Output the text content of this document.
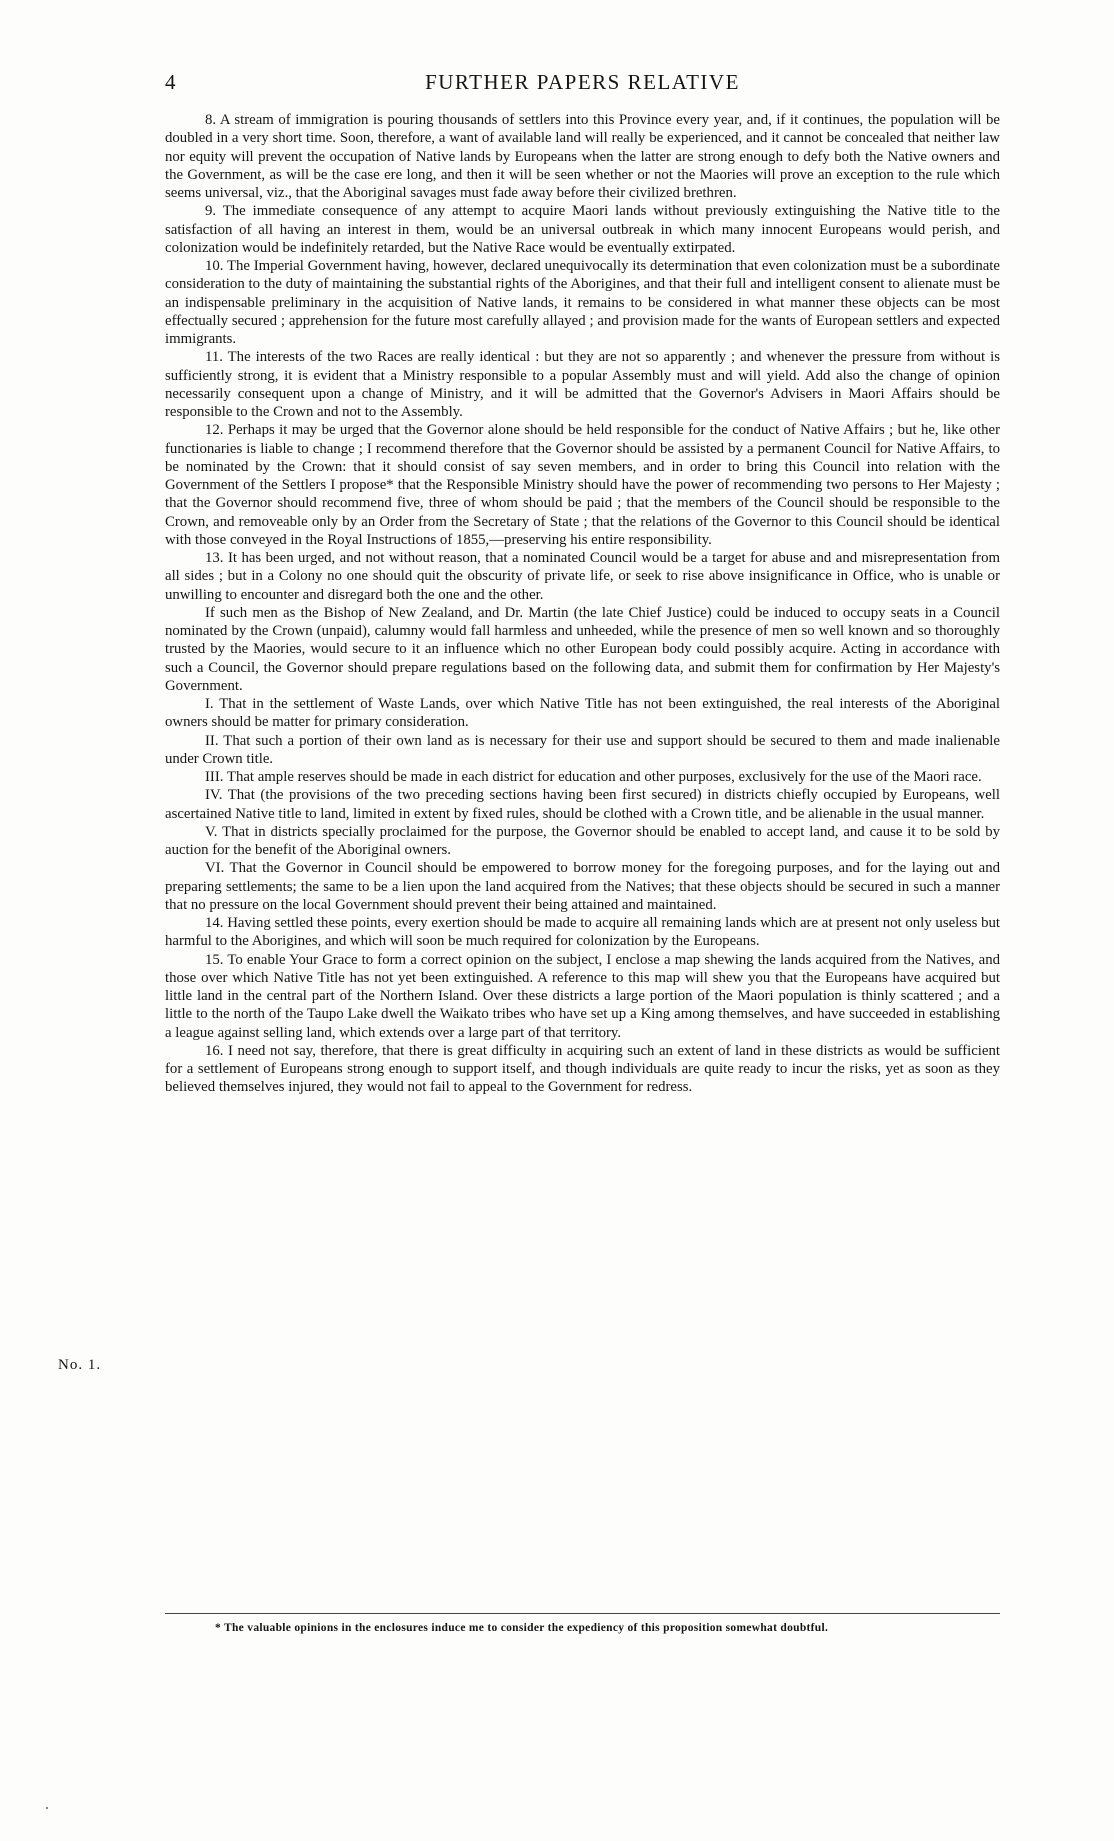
4	FURTHER PAPERS RELATIVE

8. A stream of immigration is pouring thousands of settlers into this Province every year, and, if it continues, the population will be doubled in a very short time. Soon, therefore, a want of available land will really be experienced, and it cannot be concealed that neither law nor equity will prevent the occupation of Native lands by Europeans when the latter are strong enough to defy both the Native owners and the Government, as will be the case ere long, and then it will be seen whether or not the Maories will prove an exception to the rule which seems universal, viz., that the Aboriginal savages must fade away before their civilized brethren.

9. The immediate consequence of any attempt to acquire Maori lands without previously extinguishing the Native title to the satisfaction of all having an interest in them, would be an universal outbreak in which many innocent Europeans would perish, and colonization would be indefinitely retarded, but the Native Race would be eventually extirpated.

10. The Imperial Government having, however, declared unequivocally its determination that even colonization must be a subordinate consideration to the duty of maintaining the substantial rights of the Aborigines, and that their full and intelligent consent to alienate must be an indispensable preliminary in the acquisition of Native lands, it remains to be considered in what manner these objects can be most effectually secured ; apprehension for the future most carefully allayed ; and provision made for the wants of European settlers and expected immigrants.

11. The interests of the two Races are really identical : but they are not so apparently ; and whenever the pressure from without is sufficiently strong, it is evident that a Ministry responsible to a popular Assembly must and will yield. Add also the change of opinion necessarily consequent upon a change of Ministry, and it will be admitted that the Governor's Advisers in Maori Affairs should be responsible to the Crown and not to the Assembly.

12. Perhaps it may be urged that the Governor alone should be held responsible for the conduct of Native Affairs ; but he, like other functionaries is liable to change ; I recommend therefore that the Governor should be assisted by a permanent Council for Native Affairs, to be nominated by the Crown: that it should consist of say seven members, and in order to bring this Council into relation with the Government of the Settlers I propose* that the Responsible Ministry should have the power of recommending two persons to Her Majesty ; that the Governor should recommend five, three of whom should be paid ; that the members of the Council should be responsible to the Crown, and removeable only by an Order from the Secretary of State ; that the relations of the Governor to this Council should be identical with those conveyed in the Royal Instructions of 1855,—preserving his entire responsibility.

13. It has been urged, and not without reason, that a nominated Council would be a target for abuse and and misrepresentation from all sides ; but in a Colony no one should quit the obscurity of private life, or seek to rise above insignificance in Office, who is unable or unwilling to encounter and disregard both the one and the other.

If such men as the Bishop of New Zealand, and Dr. Martin (the late Chief Justice) could be induced to occupy seats in a Council nominated by the Crown (unpaid), calumny would fall harmless and unheeded, while the presence of men so well known and so thoroughly trusted by the Maories, would secure to it an influence which no other European body could possibly acquire. Acting in accordance with such a Council, the Governor should prepare regulations based on the following data, and submit them for confirmation by Her Majesty's Government.

I. That in the settlement of Waste Lands, over which Native Title has not been extinguished, the real interests of the Aboriginal owners should be matter for primary consideration.

II. That such a portion of their own land as is necessary for their use and support should be secured to them and made inalienable under Crown title.

III. That ample reserves should be made in each district for education and other purposes, exclusively for the use of the Maori race.

IV. That (the provisions of the two preceding sections having been first secured) in districts chiefly occupied by Europeans, well ascertained Native title to land, limited in extent by fixed rules, should be clothed with a Crown title, and be alienable in the usual manner.

V. That in districts specially proclaimed for the purpose, the Governor should be enabled to accept land, and cause it to be sold by auction for the benefit of the Aboriginal owners.

VI. That the Governor in Council should be empowered to borrow money for the foregoing purposes, and for the laying out and preparing settlements; the same to be a lien upon the land acquired from the Natives; that these objects should be secured in such a manner that no pressure on the local Government should prevent their being attained and maintained.

14. Having settled these points, every exertion should be made to acquire all remaining lands which are at present not only useless but harmful to the Aborigines, and which will soon be much required for colonization by the Europeans.

15. To enable Your Grace to form a correct opinion on the subject, I enclose a map shewing the lands acquired from the Natives, and those over which Native Title has not yet been extinguished. A reference to this map will shew you that the Europeans have acquired but little land in the central part of the Northern Island. Over these districts a large portion of the Maori population is thinly scattered ; and a little to the north of the Taupo Lake dwell the Waikato tribes who have set up a King among themselves, and have succeeded in establishing a league against selling land, which extends over a large part of that territory.

16. I need not say, therefore, that there is great difficulty in acquiring such an extent of land in these districts as would be sufficient for a settlement of Europeans strong enough to support itself, and though individuals are quite ready to incur the risks, yet as soon as they believed themselves injured, they would not fail to appeal to the Government for redress.

No. 1.
* The valuable opinions in the enclosures induce me to consider the expediency of this proposition somewhat doubtful.
